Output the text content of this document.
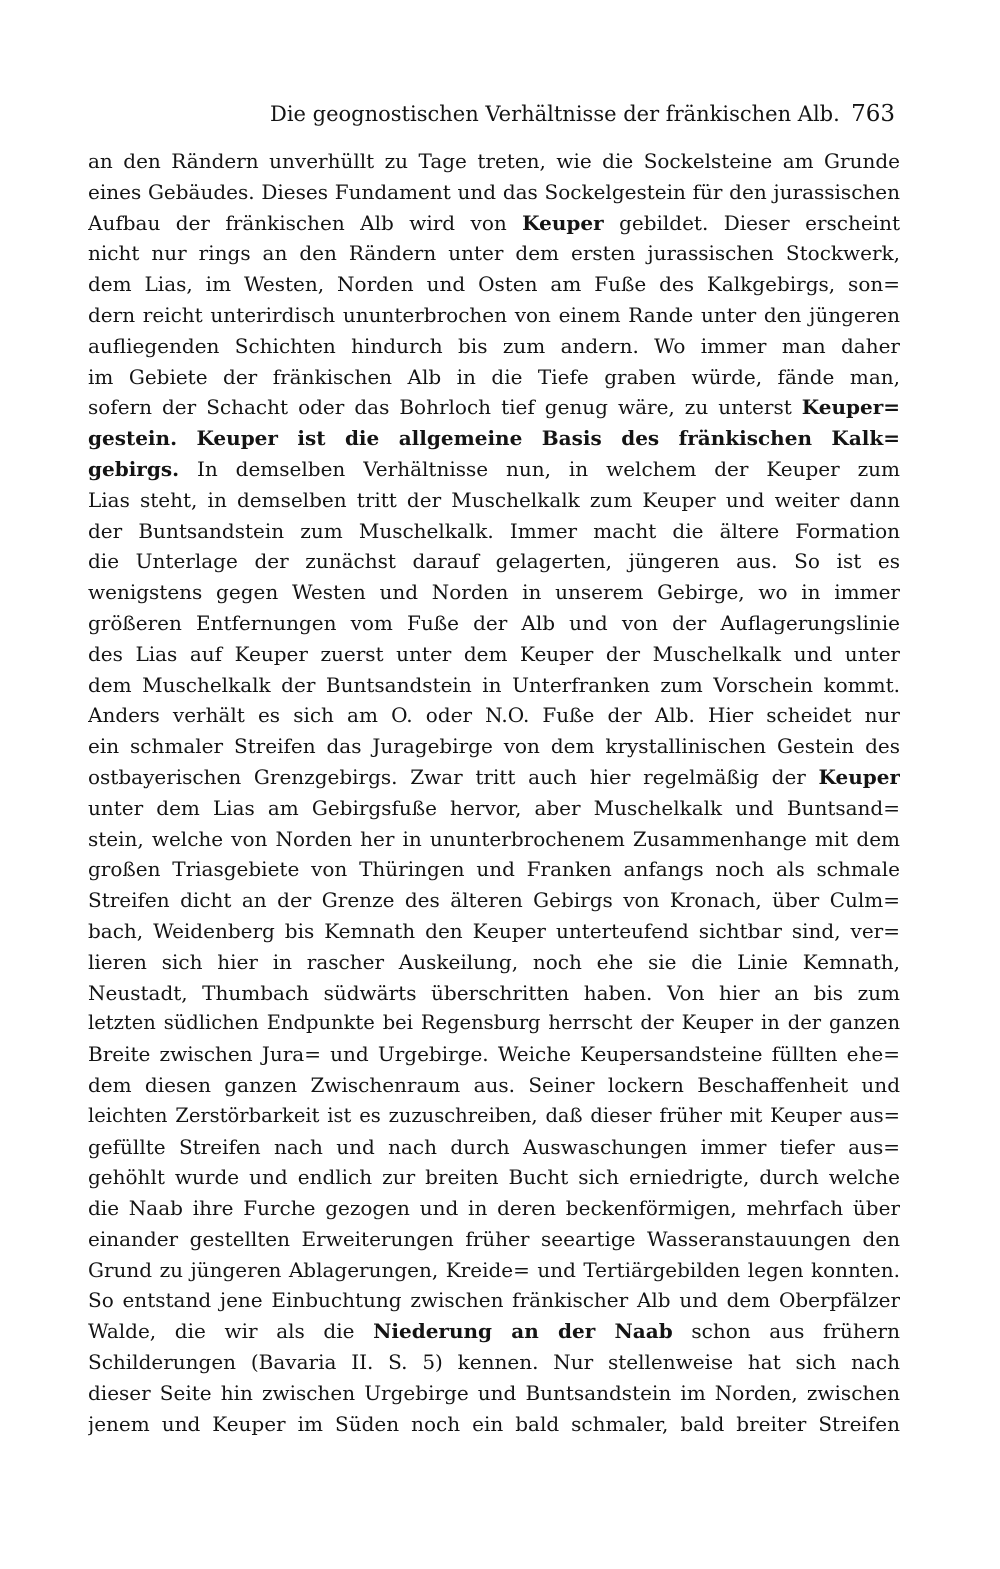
Die geognostischen Verhältnisse der fränkischen Alb. 763
an den Rändern unverhüllt zu Tage treten, wie die Sockelsteine am Grunde
eines Gebäudes. Dieses Fundament und das Sockelgestein für den jurassischen
Aufbau der fränkischen Alb wird von Keuper gebildet. Dieser erscheint
nicht nur rings an den Rändern unter dem ersten jurassischen Stockwerk,
dem Lias, im Westen, Norden und Osten am Fuße des Kalkgebirgs, son=
dern reicht unterirdisch ununterbrochen von einem Rande unter den jüngeren
aufliegenden Schichten hindurch bis zum andern. Wo immer man daher
im Gebiete der fränkischen Alb in die Tiefe graben würde, fände man,
sofern der Schacht oder das Bohrloch tief genug wäre, zu unterst Keuper=
gestein. Keuper ist die allgemeine Basis des fränkischen Kalk=
gebirgs. In demselben Verhältnisse nun, in welchem der Keuper zum
Lias steht, in demselben tritt der Muschelkalk zum Keuper und weiter dann
der Buntsandstein zum Muschelkalk. Immer macht die ältere Formation
die Unterlage der zunächst darauf gelagerten, jüngeren aus. So ist es
wenigstens gegen Westen und Norden in unserem Gebirge, wo in immer
größeren Entfernungen vom Fuße der Alb und von der Auflagerungslinie
des Lias auf Keuper zuerst unter dem Keuper der Muschelkalk und unter
dem Muschelkalk der Buntsandstein in Unterfranken zum Vorschein kommt.
Anders verhält es sich am O. oder N.O. Fuße der Alb. Hier scheidet nur
ein schmaler Streifen das Juragebirge von dem krystallinischen Gestein des
ostbayerischen Grenzgebirgs. Zwar tritt auch hier regelmäßig der Keuper
unter dem Lias am Gebirgsfuße hervor, aber Muschelkalk und Buntsand=
stein, welche von Norden her in ununterbrochenem Zusammenhange mit dem
großen Triasgebiete von Thüringen und Franken anfangs noch als schmale
Streifen dicht an der Grenze des älteren Gebirgs von Kronach, über Culm=
bach, Weidenberg bis Kemnath den Keuper unterteufend sichtbar sind, ver=
lieren sich hier in rascher Auskeilung, noch ehe sie die Linie Kemnath,
Neustadt, Thumbach südwärts überschritten haben. Von hier an bis zum
letzten südlichen Endpunkte bei Regensburg herrscht der Keuper in der ganzen
Breite zwischen Jura= und Urgebirge. Weiche Keupersandsteine füllten ehe=
dem diesen ganzen Zwischenraum aus. Seiner lockern Beschaffenheit und
leichten Zerstörbarkeit ist es zuzuschreiben, daß dieser früher mit Keuper aus=
gefüllte Streifen nach und nach durch Auswaschungen immer tiefer aus=
gehöhlt wurde und endlich zur breiten Bucht sich erniedrigte, durch welche
die Naab ihre Furche gezogen und in deren beckenförmigen, mehrfach über
einander gestellten Erweiterungen früher seeartige Wasseranstauungen den
Grund zu jüngeren Ablagerungen, Kreide= und Tertiärgebilden legen konnten.
So entstand jene Einbuchtung zwischen fränkischer Alb und dem Oberpfälzer
Walde, die wir als die Niederung an der Naab schon aus frühern
Schilderungen (Bavaria II. S. 5) kennen. Nur stellenweise hat sich nach
dieser Seite hin zwischen Urgebirge und Buntsandstein im Norden, zwischen
jenem und Keuper im Süden noch ein bald schmaler, bald breiter Streifen
